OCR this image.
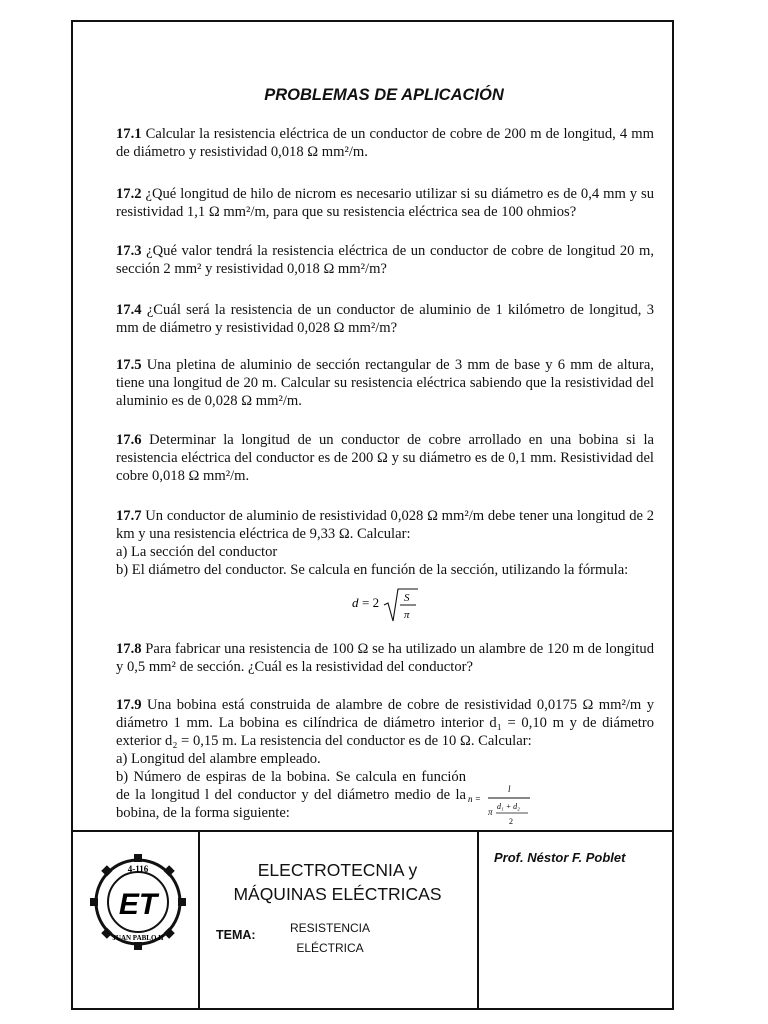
PROBLEMAS DE APLICACIÓN
17.1 Calcular la resistencia eléctrica de un conductor de cobre de 200 m de longitud, 4 mm de diámetro y resistividad 0,018 Ω mm²/m.
17.2 ¿Qué longitud de hilo de nicrom es necesario utilizar si su diámetro es de 0,4 mm y su resistividad 1,1 Ω mm²/m, para que su resistencia eléctrica sea de 100 ohmios?
17.3 ¿Qué valor tendrá la resistencia eléctrica de un conductor de cobre de longitud 20 m, sección 2 mm² y resistividad 0,018 Ω mm²/m?
17.4 ¿Cuál será la resistencia de un conductor de aluminio de 1 kilómetro de longitud, 3 mm de diámetro y resistividad 0,028 Ω mm²/m?
17.5 Una pletina de aluminio de sección rectangular de 3 mm de base y 6 mm de altura, tiene una longitud de 20 m. Calcular su resistencia eléctrica sabiendo que la resistividad del aluminio es de 0,028 Ω mm²/m.
17.6 Determinar la longitud de un conductor de cobre arrollado en una bobina si la resistencia eléctrica del conductor es de 200 Ω y su diámetro es de 0,1 mm. Resistividad del cobre 0,018 Ω mm²/m.
17.7 Un conductor de aluminio de resistividad 0,028 Ω mm²/m debe tener una longitud de 2 km y una resistencia eléctrica de 9,33 Ω. Calcular:
a) La sección del conductor
b) El diámetro del conductor. Se calcula en función de la sección, utilizando la fórmula:
d = 2 S
π
17.8 Para fabricar una resistencia de 100 Ω se ha utilizado un alambre de 120 m de longitud y 0,5 mm² de sección. ¿Cuál es la resistividad del conductor?
17.9 Una bobina está construida de alambre de cobre de resistividad 0,0175 Ω mm²/m y diámetro 1 mm. La bobina es cilíndrica de diámetro interior d₁ = 0,10 m y de diámetro exterior d₂ = 0,15 m. La resistencia del conductor es de 10 Ω. Calcular:
a) Longitud del alambre empleado.
b) Número de espiras de la bobina. Se calcula en función de la longitud l del conductor y del diámetro medio de la bobina, de la forma siguiente:
n =
l
π
d₁ + d₂
2
4-116
ET
JUAN PABLO II
ELECTROTECNIA y
MÁQUINAS ELÉCTRICAS
TEMA:	RESISTENCIA
ELÉCTRICA
Prof. Néstor F. Poblet
